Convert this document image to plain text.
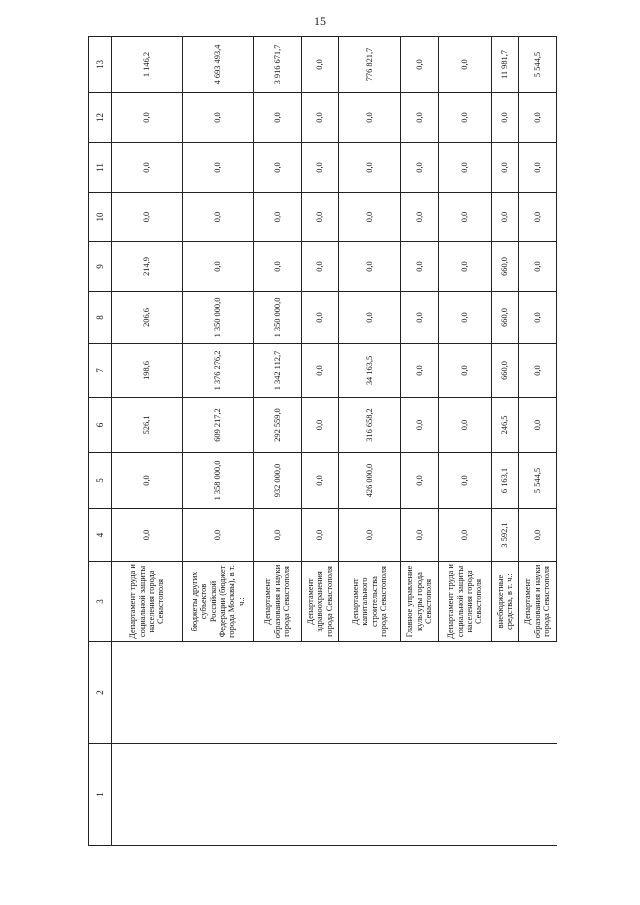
15
1	2	3	4	5	6	7	8	9	10	11	12	13
		Департамент труда и социальной защиты населения города Севастополя	0,0	0,0	526,1	198,6	206,6	214,9	0,0	0,0	0,0	1 146,2
		бюджеты других субъектов Российской Федерации (бюджет города Москвы), в т. ч.:	0,0	1 358 000,0	609 217,2	1 376 276,2	1 350 000,0	0,0	0,0	0,0	0,0	4 693 493,4
		Департамент образования и науки города Севастополя	0,0	932 000,0	292 559,0	1 342 112,7	1 350 000,0	0,0	0,0	0,0	0,0	3 916 671,7
		Департамент здравоохранения города Севастополя	0,0	0,0	0,0	0,0	0,0	0,0	0,0	0,0	0,0	0,0
		Департамент капитального строительства города Севастополя	0,0	426 000,0	316 658,2	34 163,5	0,0	0,0	0,0	0,0	0,0	776 821,7
		Главное управление культуры города Севастополя	0,0	0,0	0,0	0,0	0,0	0,0	0,0	0,0	0,0	0,0
		Департамент труда и социальной защиты населения города Севастополя	0,0	0,0	0,0	0,0	0,0	0,0	0,0	0,0	0,0	0,0
		внебюджетные средства, в т. ч.:	3 592,1	6 163,1	246,5	660,0	660,0	660,0	0,0	0,0	0,0	11 981,7
		Департамент образования и науки города Севастополя	0,0	5 544,5	0,0	0,0	0,0	0,0	0,0	0,0	0,0	5 544,5
